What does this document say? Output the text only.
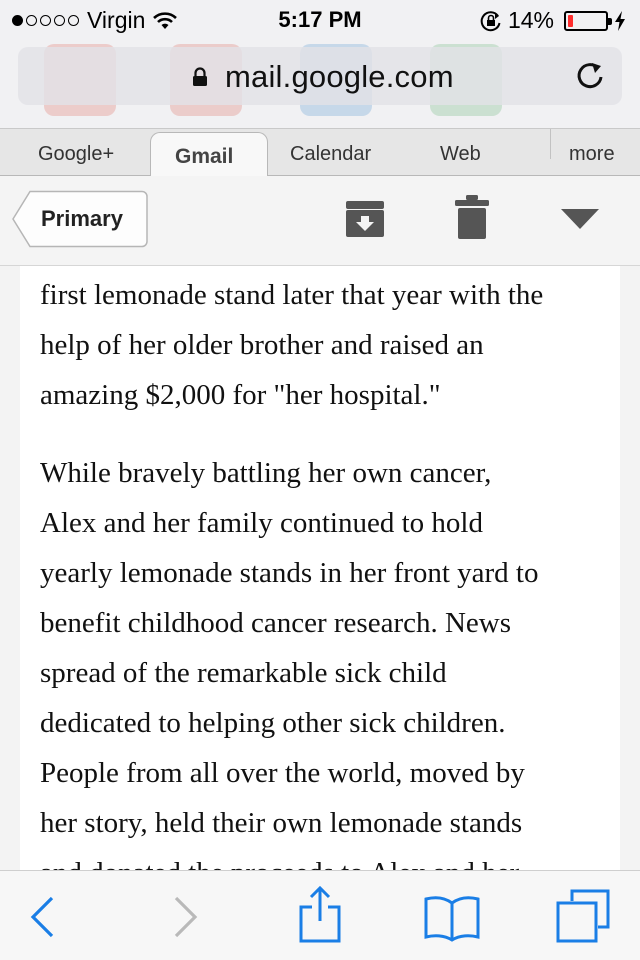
Virgin	5:17 PM	14%
mail.google.com
Google+	Gmail	Calendar	Web	more
Primary
first lemonade stand later that year with the
help of her older brother and raised an
amazing $2,000 for "her hospital."
While bravely battling her own cancer,
Alex and her family continued to hold
yearly lemonade stands in her front yard to
benefit childhood cancer research. News
spread of the remarkable sick child
dedicated to helping other sick children.
People from all over the world, moved by
her story, held their own lemonade stands
